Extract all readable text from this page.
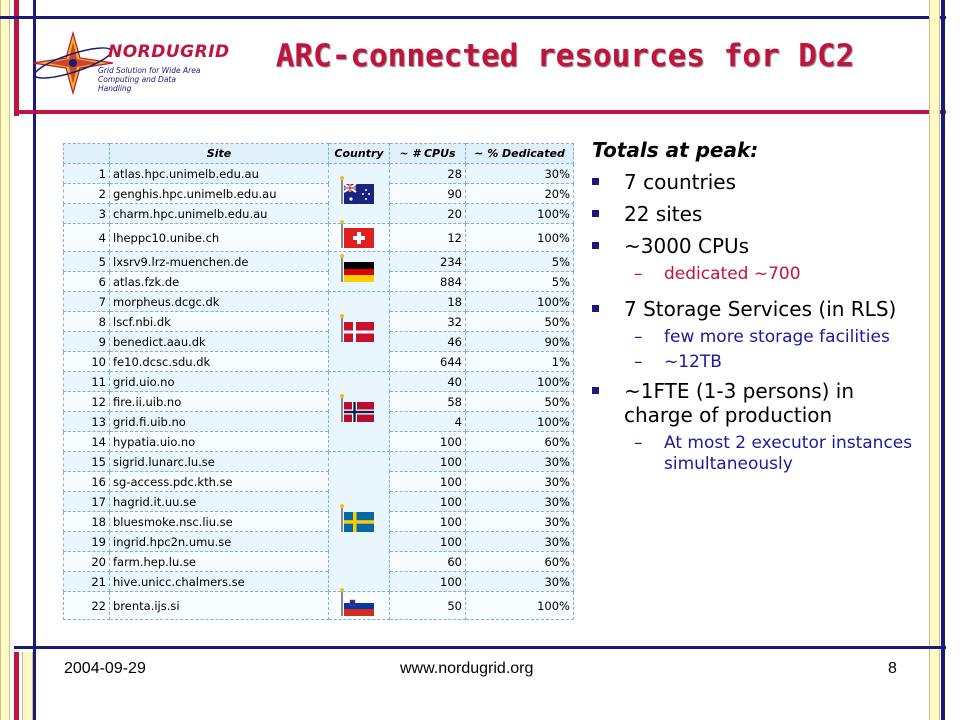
NORDUGRID
Grid Solution for Wide Area Computing and Data Handling
ARC-connected resources for DC2
	Site	Country	~ # CPUs	~ % Dedicated
1	atlas.hpc.unimelb.edu.au		28	30%
2	genghis.hpc.unimelb.edu.au		90	20%
3	charm.hpc.unimelb.edu.au		20	100%
4	lheppc10.unibe.ch		12	100%
5	lxsrv9.lrz-muenchen.de		234	5%
6	atlas.fzk.de		884	5%
7	morpheus.dcgc.dk		18	100%
8	lscf.nbi.dk		32	50%
9	benedict.aau.dk		46	90%
10	fe10.dcsc.sdu.dk		644	1%
11	grid.uio.no		40	100%
12	fire.ii.uib.no		58	50%
13	grid.fi.uib.no		4	100%
14	hypatia.uio.no		100	60%
15	sigrid.lunarc.lu.se		100	30%
16	sg-access.pdc.kth.se		100	30%
17	hagrid.it.uu.se		100	30%
18	bluesmoke.nsc.liu.se		100	30%
19	ingrid.hpc2n.umu.se		100	30%
20	farm.hep.lu.se		60	60%
21	hive.unicc.chalmers.se		100	30%
22	brenta.ijs.si		50	100%
Totals at peak:
7 countries
22 sites
~3000 CPUs
– dedicated ~700
7 Storage Services (in RLS)
– few more storage facilities
– ~12TB
~1FTE (1-3 persons) in charge of production
– At most 2 executor instances simultaneously
2004-09-29	www.nordugrid.org	8
